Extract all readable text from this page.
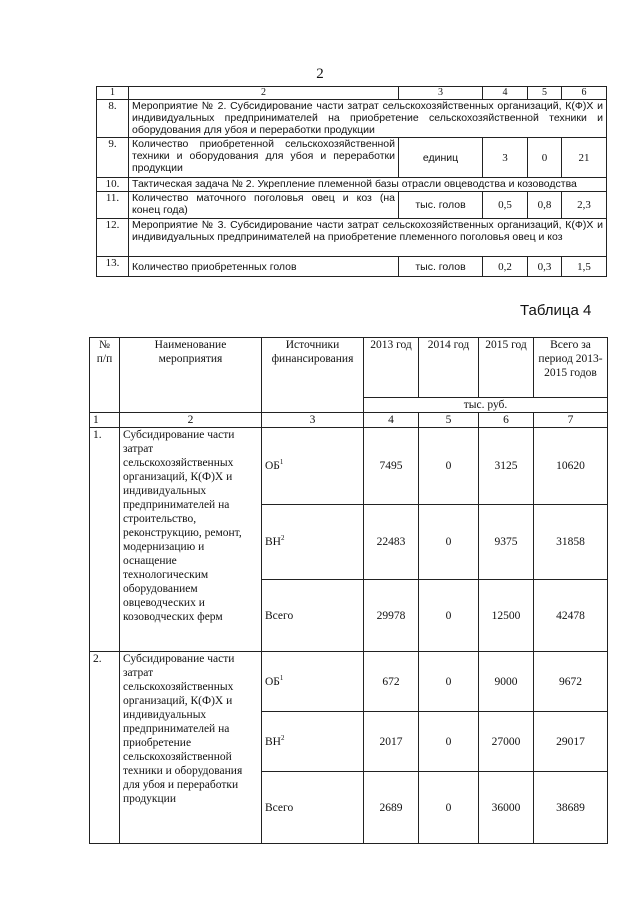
2
1	2	3	4	5	6
8.	Мероприятие № 2. Субсидирование части затрат сельскохозяйственных организаций, К(Ф)Х и индивидуальных предпринимателей на приобретение сельскохозяйственной техники и оборудования для убоя и переработки продукции				
9.	Количество приобретенной сельскохозяйственной техники и оборудования для убоя и переработки продукции	единиц	3	0	21
10.	Тактическая задача № 2. Укрепление племенной базы отрасли овцеводства и козоводства				
11.	Количество маточного поголовья овец и коз (на конец года)	тыс. голов	0,5	0,8	2,3
12.	Мероприятие № 3. Субсидирование части затрат сельскохозяйственных организаций, К(Ф)Х и индивидуальных предпринимателей на приобретение племенного поголовья овец и коз				
13.	Количество приобретенных голов	тыс. голов	0,2	0,3	1,5
Таблица 4
№ п/п	Наименование мероприятия	Источники финансирования	2013 год	2014 год	2015 год	Всего за период 2013-2015 годов
			тыс. руб.			
1	2	3	4	5	6	7
1.	Субсидирование части затрат сельскохозяйственных организаций, К(Ф)Х и индивидуальных предпринимателей на строительство, реконструкцию, ремонт, модернизацию и оснащение технологическим оборудованием овцеводческих и козоводческих ферм	$ОБ^1$	7495	0	3125	10620
		$ВН^2$	22483	0	9375	31858
		Всего	29978	0	12500	42478
2.	Субсидирование части затрат сельскохозяйственных организаций, К(Ф)Х и индивидуальных предпринимателей на приобретение сельскохозяйственной техники и оборудования для убоя и переработки продукции	$ОБ^1$	672	0	9000	9672
		$ВН^2$	2017	0	27000	29017
		Всего	2689	0	36000	38689
